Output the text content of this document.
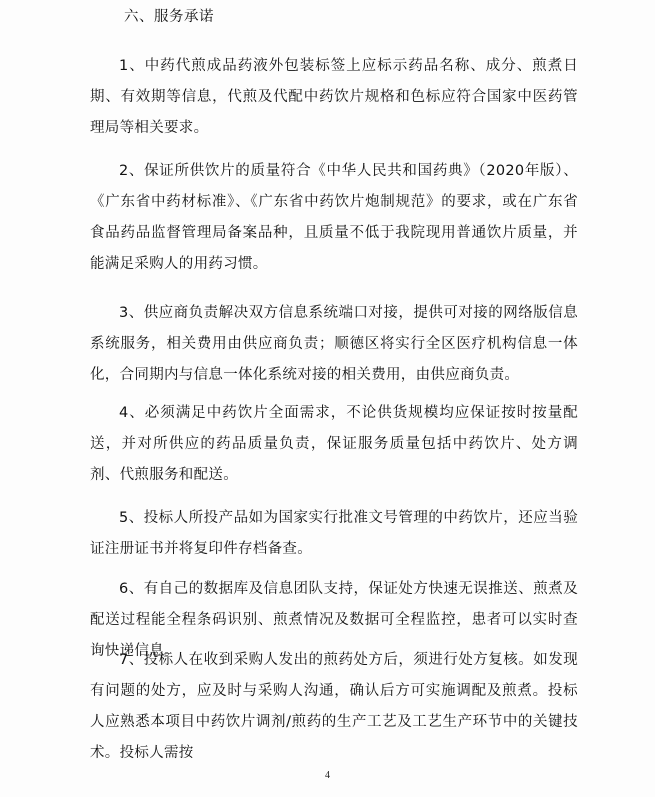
六、服务承诺

1、中药代煎成品药液外包装标签上应标示药品名称、成分、煎煮日期、有效期等信息，代煎及代配中药饮片规格和色标应符合国家中医药管理局等相关要求。

2、保证所供饮片的质量符合《中华人民共和国药典》（2020年版）、《广东省中药材标准》、《广东省中药饮片炮制规范》的要求，或在广东省食品药品监督管理局备案品种，且质量不低于我院现用普通饮片质量，并能满足采购人的用药习惯。

3、供应商负责解决双方信息系统端口对接，提供可对接的网络版信息系统服务，相关费用由供应商负责；顺德区将实行全区医疗机构信息一体化，合同期内与信息一体化系统对接的相关费用，由供应商负责。

4、必须满足中药饮片全面需求，不论供货规模均应保证按时按量配送，并对所供应的药品质量负责，保证服务质量包括中药饮片、处方调剂、代煎服务和配送。

5、投标人所投产品如为国家实行批准文号管理的中药饮片，还应当验证注册证书并将复印件存档备查。

6、有自己的数据库及信息团队支持，保证处方快速无误推送、煎煮及配送过程能全程条码识别、煎煮情况及数据可全程监控，患者可以实时查询快递信息。

7、投标人在收到采购人发出的煎药处方后，须进行处方复核。如发现有问题的处方，应及时与采购人沟通，确认后方可实施调配及煎煮。投标人应熟悉本项目中药饮片调剂/煎药的生产工艺及工艺生产环节中的关键技术。投标人需按

4
